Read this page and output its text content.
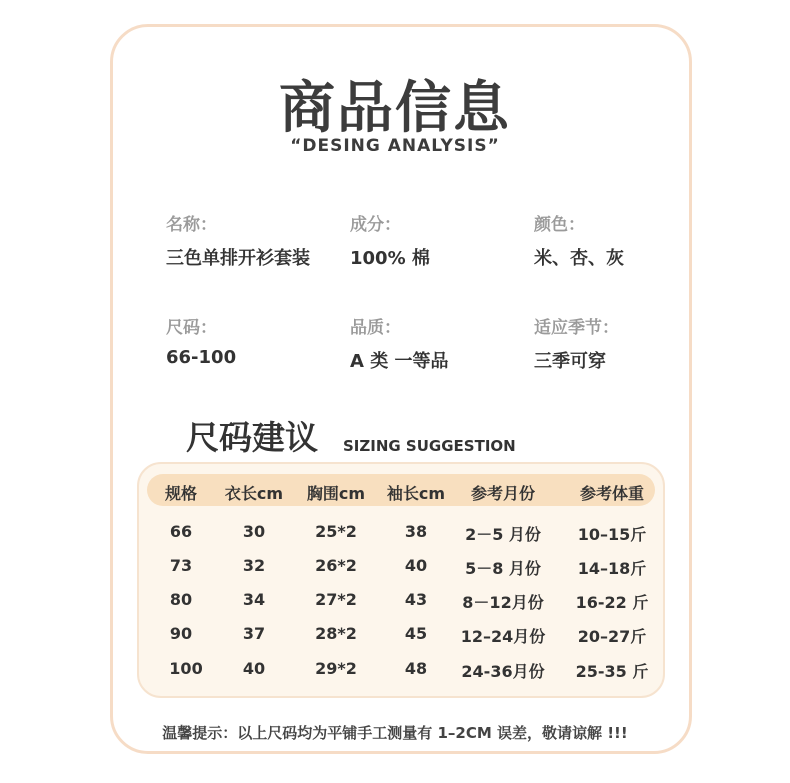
商品信息
“DESING ANALYSIS”
名称：
三色单排开衫套装
成分：
100% 棉
颜色：
米、杏、灰
尺码：
66-100
品质：
A 类 一等品
适应季节：
三季可穿
尺码建议 SIZING SUGGESTION
规格	衣长cm	胸围cm	袖长cm	参考月份	参考体重
66	30	25*2	38	2－5 月份	10–15斤
73	32	26*2	40	5－8 月份	14–18斤
80	34	27*2	43	8－12月份	16-22 斤
90	37	28*2	45	12–24月份	20–27斤
100	40	29*2	48	24-36月份	25-35 斤
温馨提示：以上尺码均为平铺手工测量有 1–2CM 误差，敬请谅解 !!!
